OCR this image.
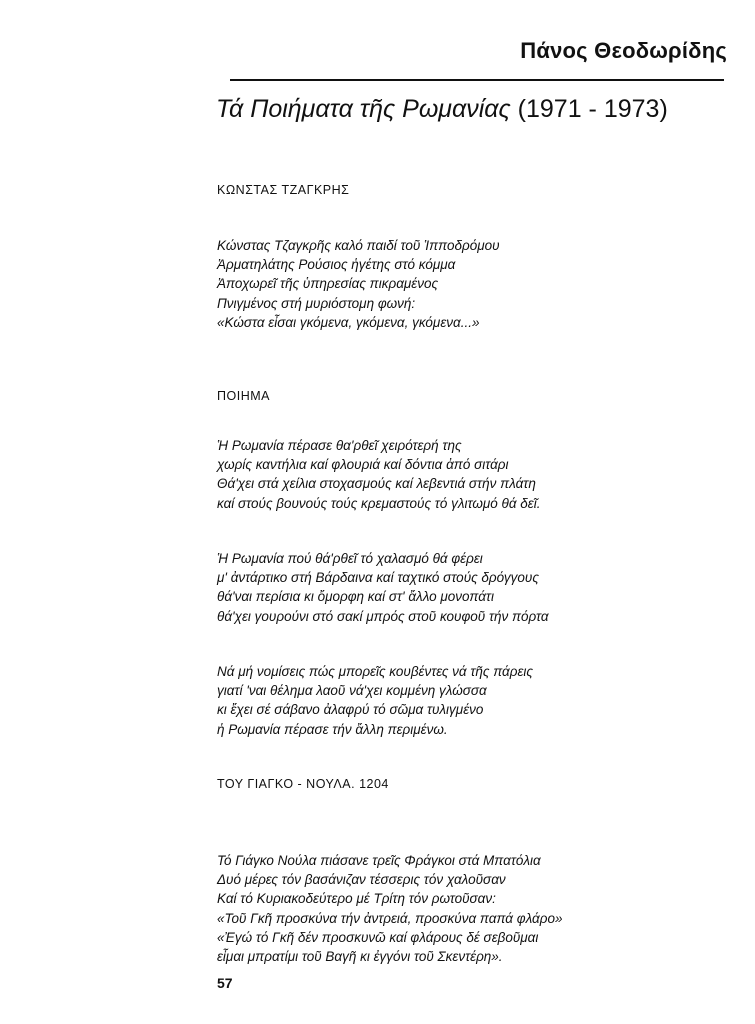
Πάνος Θεοδωρίδης
Τά Ποιήματα τῆς Ρωμανίας (1971 - 1973)
ΚΩΝΣΤΑΣ ΤΖΑΓΚΡΗΣ
Κώνστας Τζαγκρῆς καλό παιδί τοῦ Ἱπποδρόμου
Ἀρματηλάτης Ρούσιος ἡγέτης στό κόμμα
Ἀποχωρεῖ τῆς ὑπηρεσίας πικραμένος
Πνιγμένος στή μυριόστομη φωνή:
«Κώστα εἶσαι γκόμενα, γκόμενα, γκόμενα...»
ΠΟΙΗΜΑ
Ἡ Ρωμανία πέρασε θα'ρθεῖ χειρότερή της
χωρίς καντήλια καί φλουριά καί δόντια ἀπό σιτάρι
Θά'χει στά χείλια στοχασμούς καί λεβεντιά στήν πλάτη
καί στούς βουνούς τούς κρεμαστούς τό γλιτωμό θά δεῖ.
Ἡ Ρωμανία πού θά'ρθεῖ τό χαλασμό θά φέρει
μ' ἀντάρτικο στή Βάρδαινα καί ταχτικό στούς δρόγγους
θά'ναι περίσια κι ὄμορφη καί στ' ἄλλο μονοπάτι
θά'χει γουρούνι στό σακί μπρός στοῦ κουφοῦ τήν πόρτα
Νά μή νομίσεις πώς μπορεῖς κουβέντες νά τῆς πάρεις
γιατί 'ναι θέλημα λαοῦ νά'χει κομμένη γλώσσα
κι ἔχει σέ σάβανο ἀλαφρύ τό σῶμα τυλιγμένο
ἡ Ρωμανία πέρασε τήν ἄλλη περιμένω.
ΤΟΥ ΓΙΑΓΚΟ - ΝΟΥΛΑ. 1204
Τό Γιάγκο Νούλα πιάσανε τρεῖς Φράγκοι στά Μπατόλια
Δυό μέρες τόν βασάνιζαν τέσσερις τόν χαλοῦσαν
Καί τό Κυριακοδεύτερο μέ Τρίτη τόν ρωτοῦσαν:
«Τοῦ Γκῆ προσκύνα τήν ἀντρειά, προσκύνα παπά φλάρο»
«Ἐγώ τό Γκῆ δέν προσκυνῶ καί φλάρους δέ σεβοῦμαι
εἶμαι μπρατίμι τοῦ Βαγῆ κι ἐγγόνι τοῦ Σκεντέρη».
57
